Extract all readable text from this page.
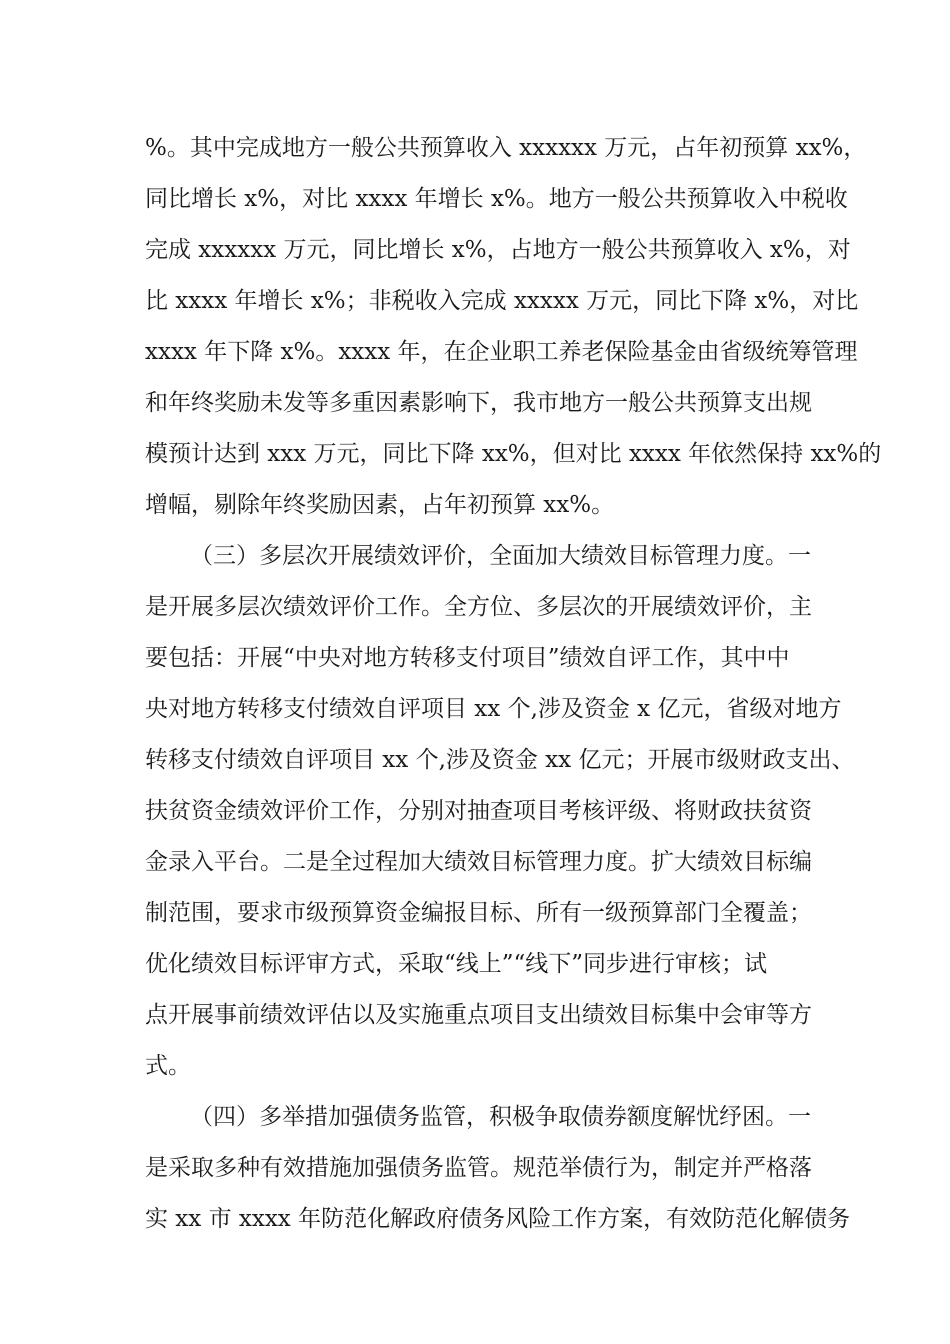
%。其中完成地方一般公共预算收入 xxxxxx 万元，占年初预算 xx%，
同比增长 x%，对比 xxxx 年增长 x%。地方一般公共预算收入中税收
完成 xxxxxx 万元，同比增长 x%，占地方一般公共预算收入 x%，对
比 xxxx 年增长 x%；非税收入完成 xxxxx 万元，同比下降 x%，对比
xxxx 年下降 x%。xxxx 年，在企业职工养老保险基金由省级统筹管理
和年终奖励未发等多重因素影响下，我市地方一般公共预算支出规
模预计达到 xxx 万元，同比下降 xx%，但对比 xxxx 年依然保持 xx%的
增幅，剔除年终奖励因素，占年初预算 xx%。
（三）多层次开展绩效评价，全面加大绩效目标管理力度。一
是开展多层次绩效评价工作。全方位、多层次的开展绩效评价，主
要包括：开展“中央对地方转移支付项目”绩效自评工作，其中中
央对地方转移支付绩效自评项目 xx 个,涉及资金 x 亿元，省级对地方
转移支付绩效自评项目 xx 个,涉及资金 xx 亿元；开展市级财政支出、
扶贫资金绩效评价工作，分别对抽查项目考核评级、将财政扶贫资
金录入平台。二是全过程加大绩效目标管理力度。扩大绩效目标编
制范围，要求市级预算资金编报目标、所有一级预算部门全覆盖；
优化绩效目标评审方式，采取“线上”“线下”同步进行审核；试
点开展事前绩效评估以及实施重点项目支出绩效目标集中会审等方
式。
（四）多举措加强债务监管，积极争取债券额度解忧纾困。一
是采取多种有效措施加强债务监管。规范举债行为，制定并严格落
实 xx 市 xxxx 年防范化解政府债务风险工作方案，有效防范化解债务
